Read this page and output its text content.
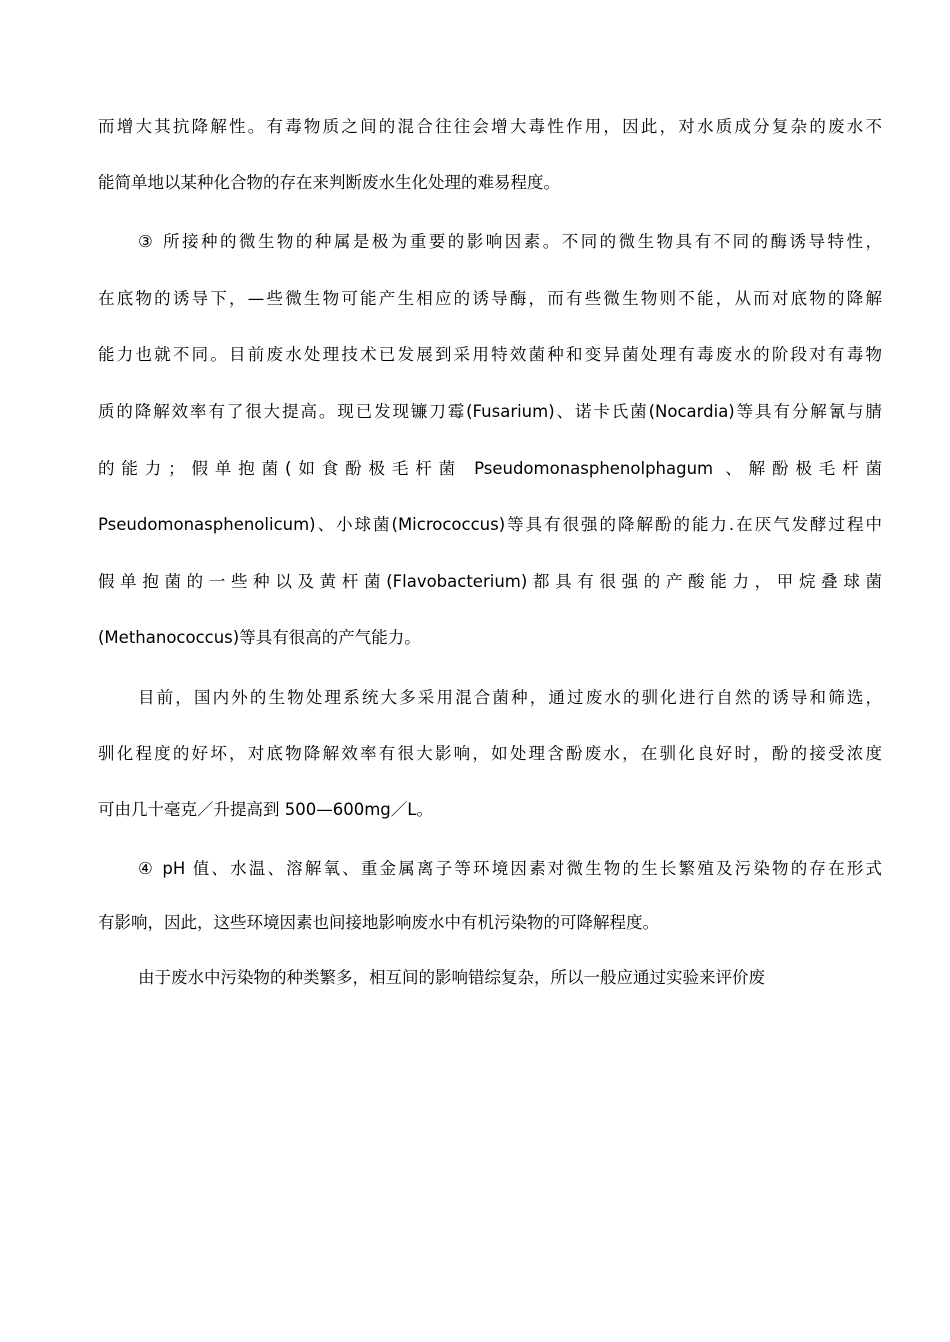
而增大其抗降解性。有毒物质之间的混合往往会增大毒性作用，因此，对水质成分复杂的废水不
能简单地以某种化合物的存在来判断废水生化处理的难易程度。
③ 所接种的微生物的种属是极为重要的影响因素。不同的微生物具有不同的酶诱导特性，
在底物的诱导下，—些微生物可能产生相应的诱导酶，而有些微生物则不能，从而对底物的降解
能力也就不同。目前废水处理技术已发展到采用特效菌种和变异菌处理有毒废水的阶段对有毒物
质的降解效率有了很大提高。现已发现镰刀霉(Fusarium)、诺卡氏菌(Nocardia)等具有分解氰与腈
的能力；假单抱菌(如食酚极毛杆菌 Pseudomonasphenolphagum 、解酚极毛杆菌
Pseudomonasphenolicum)、小球菌(Micrococcus)等具有很强的降解酚的能力.在厌气发酵过程中
假单抱菌的一些种以及黄杆菌(Flavobacterium)都具有很强的产酸能力，甲烷叠球菌
(Methanococcus)等具有很高的产气能力。
目前，国内外的生物处理系统大多采用混合菌种，通过废水的驯化进行自然的诱导和筛选，
驯化程度的好坏，对底物降解效率有很大影响，如处理含酚废水，在驯化良好时，酚的接受浓度
可由几十毫克／升提高到 500—600mg／L。
④ pH 值、水温、溶解氧、重金属离子等环境因素对微生物的生长繁殖及污染物的存在形式
有影响，因此，这些环境因素也间接地影响废水中有机污染物的可降解程度。
由于废水中污染物的种类繁多，相互间的影响错综复杂，所以一般应通过实验来评价废
